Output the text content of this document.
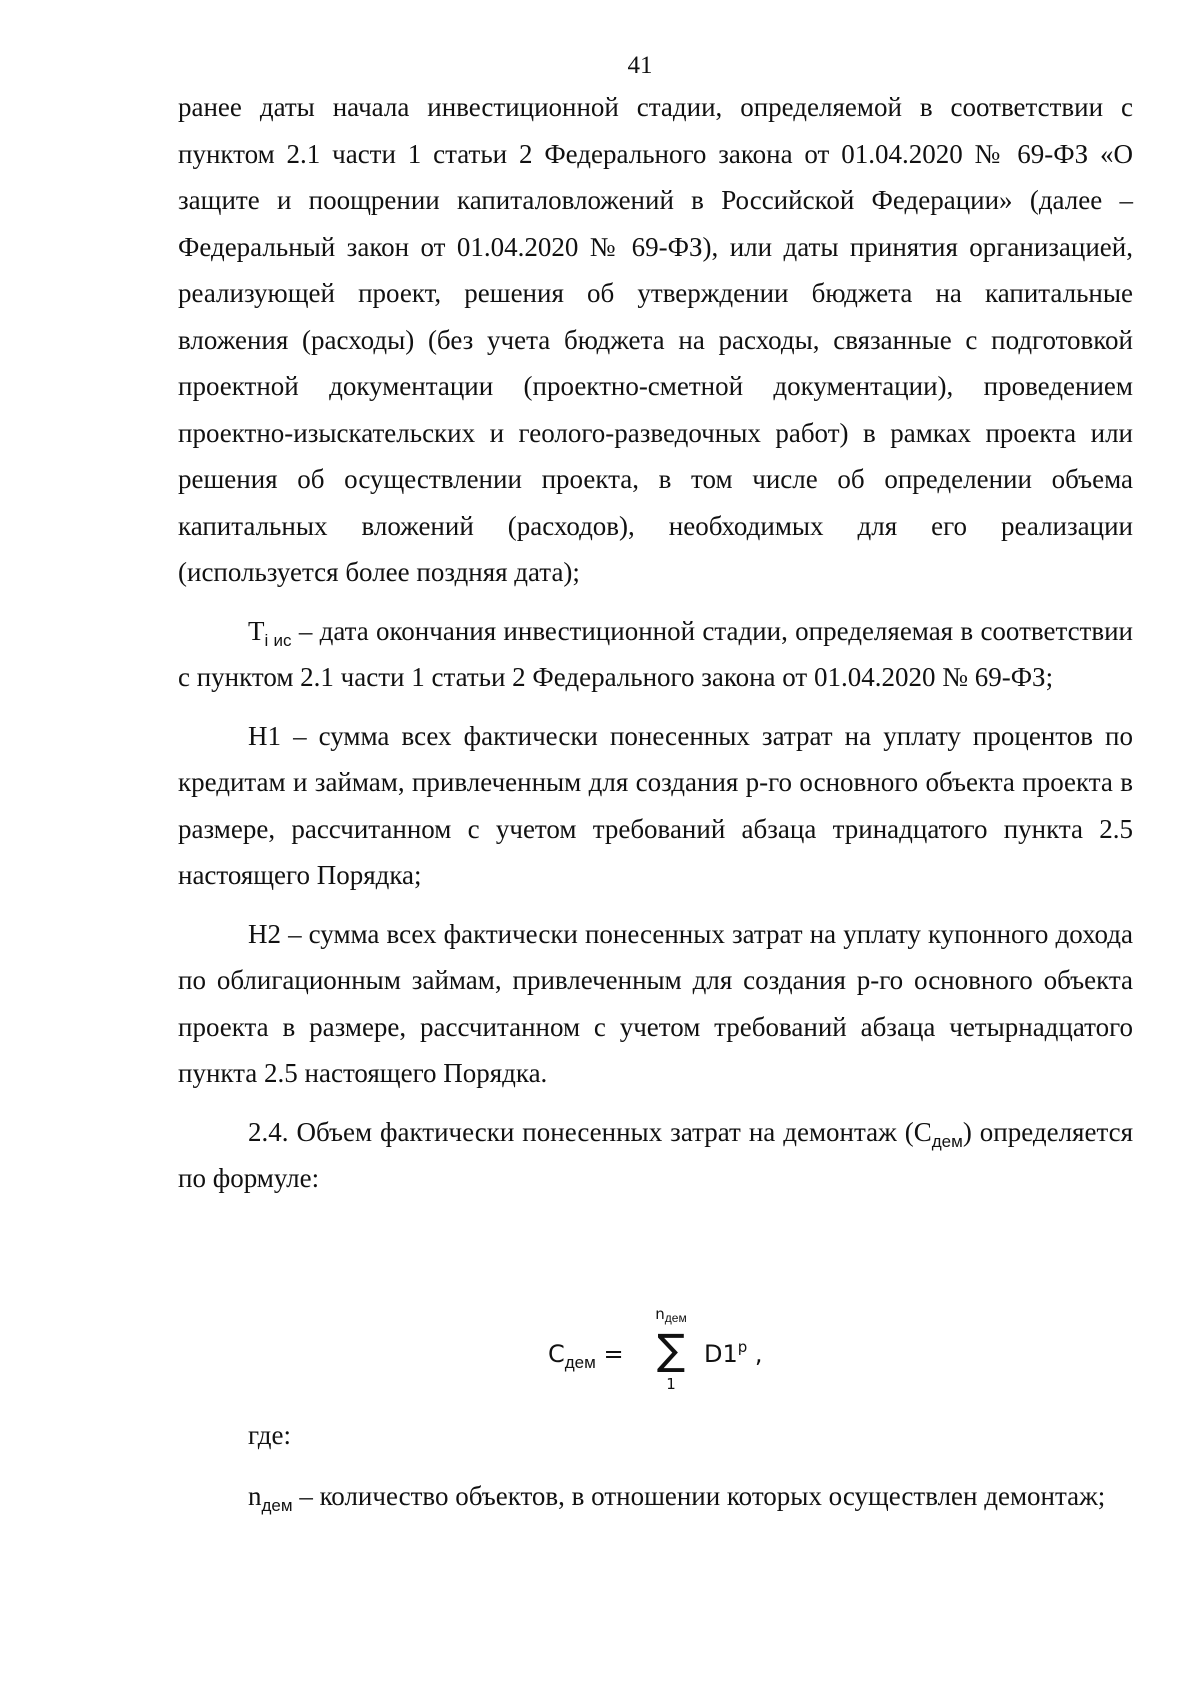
41

ранее даты начала инвестиционной стадии, определяемой в соответствии с пунктом 2.1 части 1 статьи 2 Федерального закона от 01.04.2020 № 69-ФЗ «О защите и поощрении капиталовложений в Российской Федерации» (далее – Федеральный закон от 01.04.2020 № 69-ФЗ), или даты принятия организацией, реализующей проект, решения об утверждении бюджета на капитальные вложения (расходы) (без учета бюджета на расходы, связанные с подготовкой проектной документации (проектно-сметной документации), проведением проектно-изыскательских и геолого-разведочных работ) в рамках проекта или решения об осуществлении проекта, в том числе об определении объема капитальных вложений (расходов), необходимых для его реализации (используется более поздняя дата);

$T_{i ис}$ – дата окончания инвестиционной стадии, определяемая в соответствии с пунктом 2.1 части 1 статьи 2 Федерального закона от 01.04.2020 № 69-ФЗ;

Н1 – сумма всех фактически понесенных затрат на уплату процентов по кредитам и займам, привлеченным для создания р-го основного объекта проекта в размере, рассчитанном с учетом требований абзаца тринадцатого пункта 2.5 настоящего Порядка;

Н2 – сумма всех фактически понесенных затрат на уплату купонного дохода по облигационным займам, привлеченным для создания р-го основного объекта проекта в размере, рассчитанном с учетом требований абзаца четырнадцатого пункта 2.5 настоящего Порядка.

2.4. Объем фактически понесенных затрат на демонтаж $(С_{дем})$ определяется по формуле:

$C_{дем}$ =
$n_{дем}$
∑
1
D1$^p$ ,
где:

$n_{дем}$ – количество объектов, в отношении которых осуществлен демонтаж;
